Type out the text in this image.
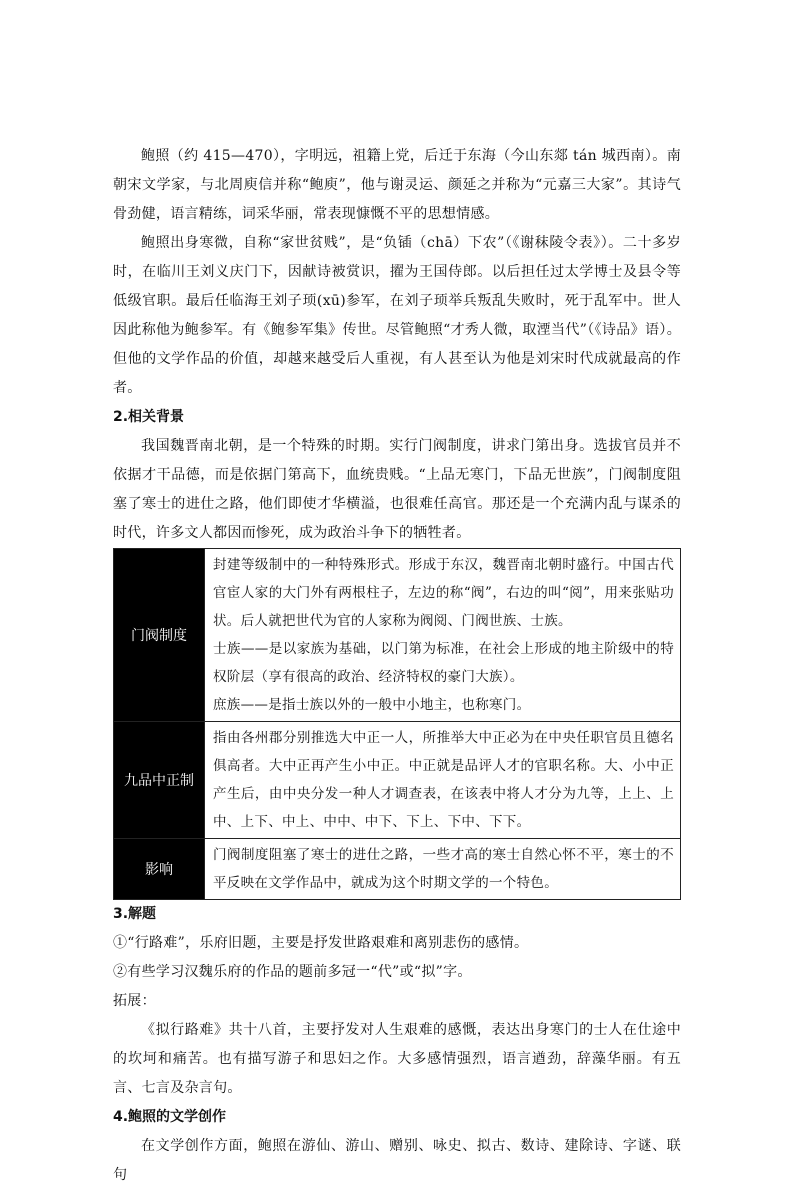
鲍照（约 415—470），字明远，祖籍上党，后迁于东海（今山东郯 tán 城西南）。南朝宋文学家，与北周庾信并称“鲍庾”，他与谢灵运、颜延之并称为“元嘉三大家”。其诗气骨劲健，语言精练，词采华丽，常表现慷慨不平的思想情感。

鲍照出身寒微，自称“家世贫贱”，是“负锸（chā）下农”（《谢秣陵令表》）。二十多岁时，在临川王刘义庆门下，因献诗被赏识，擢为王国侍郎。以后担任过太学博士及县令等低级官职。最后任临海王刘子顼(xū)参军，在刘子顼举兵叛乱失败时，死于乱军中。世人因此称他为鲍参军。有《鲍参军集》传世。尽管鲍照“才秀人微，取湮当代”（《诗品》语）。但他的文学作品的价值，却越来越受后人重视，有人甚至认为他是刘宋时代成就最高的作者。

2.相关背景

我国魏晋南北朝，是一个特殊的时期。实行门阀制度，讲求门第出身。选拔官员并不依据才干品德，而是依据门第高下，血统贵贱。“上品无寒门，下品无世族”，门阀制度阻塞了寒士的进仕之路，他们即使才华横溢，也很难任高官。那还是一个充满内乱与谋杀的时代，许多文人都因而惨死，成为政治斗争下的牺牲者。

门阀制度	封建等级制中的一种特殊形式。形成于东汉，魏晋南北朝时盛行。中国古代官宦人家的大门外有两根柱子，左边的称“阀”，右边的叫“阅”，用来张贴功状。后人就把世代为官的人家称为阀阅、门阀世族、士族。
士族——是以家族为基础，以门第为标准，在社会上形成的地主阶级中的特权阶层（享有很高的政治、经济特权的豪门大族）。
庶族——是指士族以外的一般中小地主，也称寒门。

九品中正制	指由各州郡分别推选大中正一人，所推举大中正必为在中央任职官员且德名俱高者。大中正再产生小中正。中正就是品评人才的官职名称。大、小中正产生后，由中央分发一种人才调查表，在该表中将人才分为九等，上上、上中、上下、中上、中中、中下、下上、下中、下下。
影响	门阀制度阻塞了寒士的进仕之路，一些才高的寒士自然心怀不平，寒士的不平反映在文学作品中，就成为这个时期文学的一个特色。

3.解题

①“行路难”，乐府旧题，主要是抒发世路艰难和离别悲伤的感情。

②有些学习汉魏乐府的作品的题前多冠一“代”或“拟”字。

拓展：

《拟行路难》共十八首，主要抒发对人生艰难的感慨，表达出身寒门的士人在仕途中的坎坷和痛苦。也有描写游子和思妇之作。大多感情强烈，语言遒劲，辞藻华丽。有五言、七言及杂言句。

4.鲍照的文学创作

在文学创作方面，鲍照在游仙、游山、赠别、咏史、拟古、数诗、建除诗、字谜、联句
